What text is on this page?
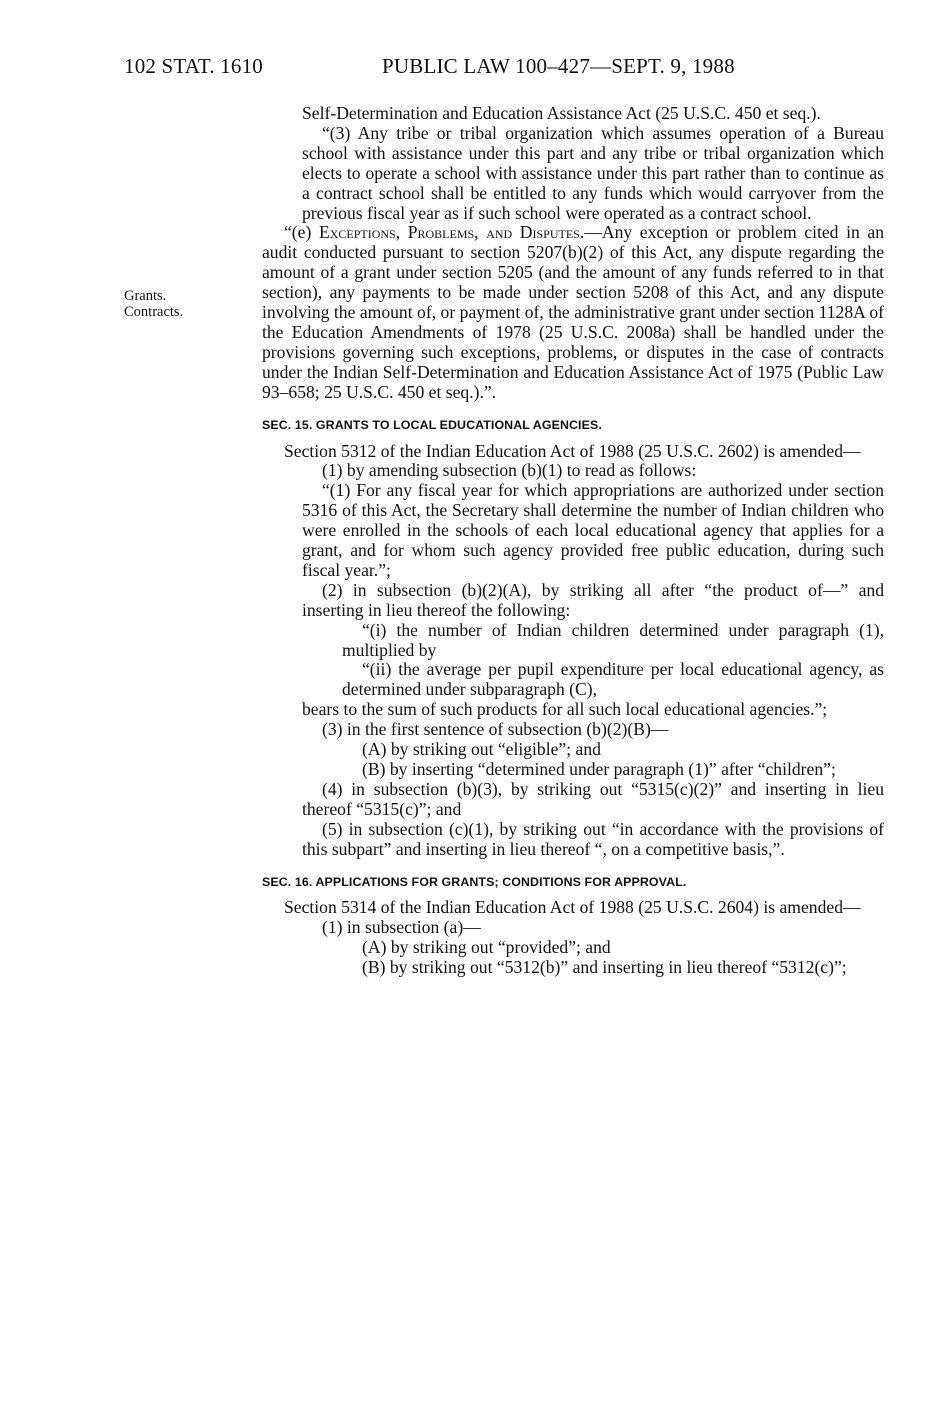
102 STAT. 1610	PUBLIC LAW 100–427—SEPT. 9, 1988
Grants.
Contracts.

Self-Determination and Education Assistance Act (25 U.S.C. 450 et seq.).

“(3) Any tribe or tribal organization which assumes operation of a Bureau school with assistance under this part and any tribe or tribal organization which elects to operate a school with assistance under this part rather than to continue as a contract school shall be entitled to any funds which would carryover from the previous fiscal year as if such school were operated as a contract school.

“(e) Exceptions, Problems, and Disputes.—Any exception or problem cited in an audit conducted pursuant to section 5207(b)(2) of this Act, any dispute regarding the amount of a grant under section 5205 (and the amount of any funds referred to in that section), any payments to be made under section 5208 of this Act, and any dispute involving the amount of, or payment of, the administrative grant under section 1128A of the Education Amendments of 1978 (25 U.S.C. 2008a) shall be handled under the provisions governing such exceptions, problems, or disputes in the case of contracts under the Indian Self-Determination and Education Assistance Act of 1975 (Public Law 93–658; 25 U.S.C. 450 et seq.).”.

SEC. 15. GRANTS TO LOCAL EDUCATIONAL AGENCIES.

Section 5312 of the Indian Education Act of 1988 (25 U.S.C. 2602) is amended—

(1) by amending subsection (b)(1) to read as follows:

“(1) For any fiscal year for which appropriations are authorized under section 5316 of this Act, the Secretary shall determine the number of Indian children who were enrolled in the schools of each local educational agency that applies for a grant, and for whom such agency provided free public education, during such fiscal year.”;

(2) in subsection (b)(2)(A), by striking all after “the product of—” and inserting in lieu thereof the following:

“(i) the number of Indian children determined under paragraph (1), multiplied by

“(ii) the average per pupil expenditure per local educational agency, as determined under subparagraph (C),

bears to the sum of such products for all such local educational agencies.”;

(3) in the first sentence of subsection (b)(2)(B)—

(A) by striking out “eligible”; and

(B) by inserting “determined under paragraph (1)” after “children”;

(4) in subsection (b)(3), by striking out “5315(c)(2)” and inserting in lieu thereof “5315(c)”; and

(5) in subsection (c)(1), by striking out “in accordance with the provisions of this subpart” and inserting in lieu thereof “, on a competitive basis,”.

SEC. 16. APPLICATIONS FOR GRANTS; CONDITIONS FOR APPROVAL.

Section 5314 of the Indian Education Act of 1988 (25 U.S.C. 2604) is amended—

(1) in subsection (a)—

(A) by striking out “provided”; and

(B) by striking out “5312(b)” and inserting in lieu thereof “5312(c)”;
